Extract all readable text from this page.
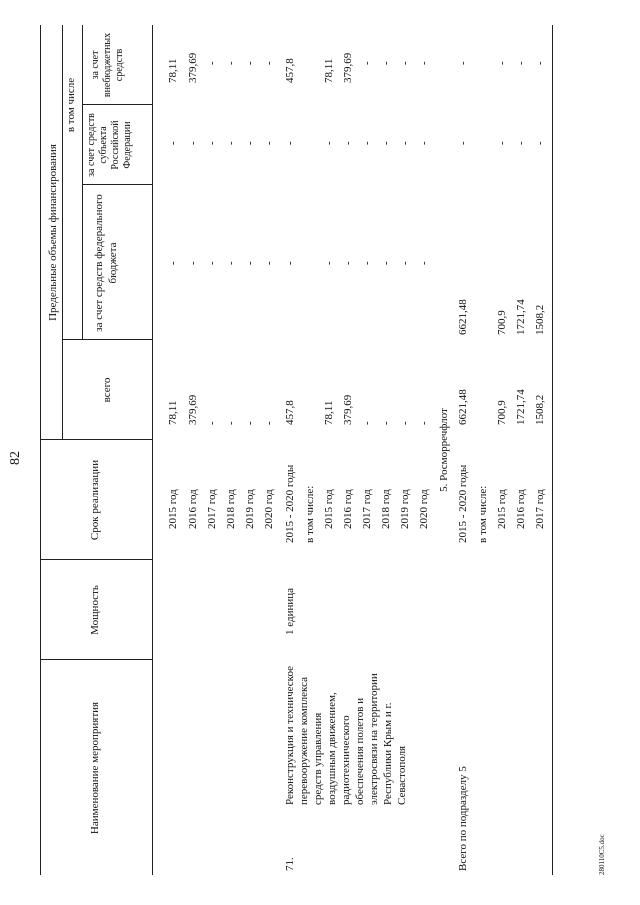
82
Наименование мероприятия
Мощность
Срок реализации
Предельные объемы финансирования
всего
за счет средств федерального бюджета
в том числе
за счет средств субъекта Российской Федерации
за счет внебюджетных средств
2015 год
78,11
-
-
78,11
2016 год
379,69
-
-
379,69
2017 год
-
-
-
-
2018 год
-
-
-
-
2019 год
-
-
-
-
2020 год
-
-
-
-
71.
Реконструкция и техническое перевооружение комплекса средств управления воздушным движением, радиотехнического обеспечения полетов и электросвязи на территории Республики Крым и г. Севастополя
1 единица
2015 - 2020 годы
457,8
-
-
457,8
в том числе: 2015 год
78,11
-
-
78,11
2016 год
379,69
-
-
379,69
2017 год
-
-
-
-
2018 год
-
-
-
-
2019 год
-
-
-
-
2020 год
-
-
-
-
5. Росморречфлот
Всего по подразделу 5
2015 - 2020 годы
6621,48
6621,48
-
-
в том числе: 2015 год
700,9
700,9
-
-
2016 год
1721,74
1721,74
-
-
2017 год
1508,2
1508,2
-
-
280110C5.doc
